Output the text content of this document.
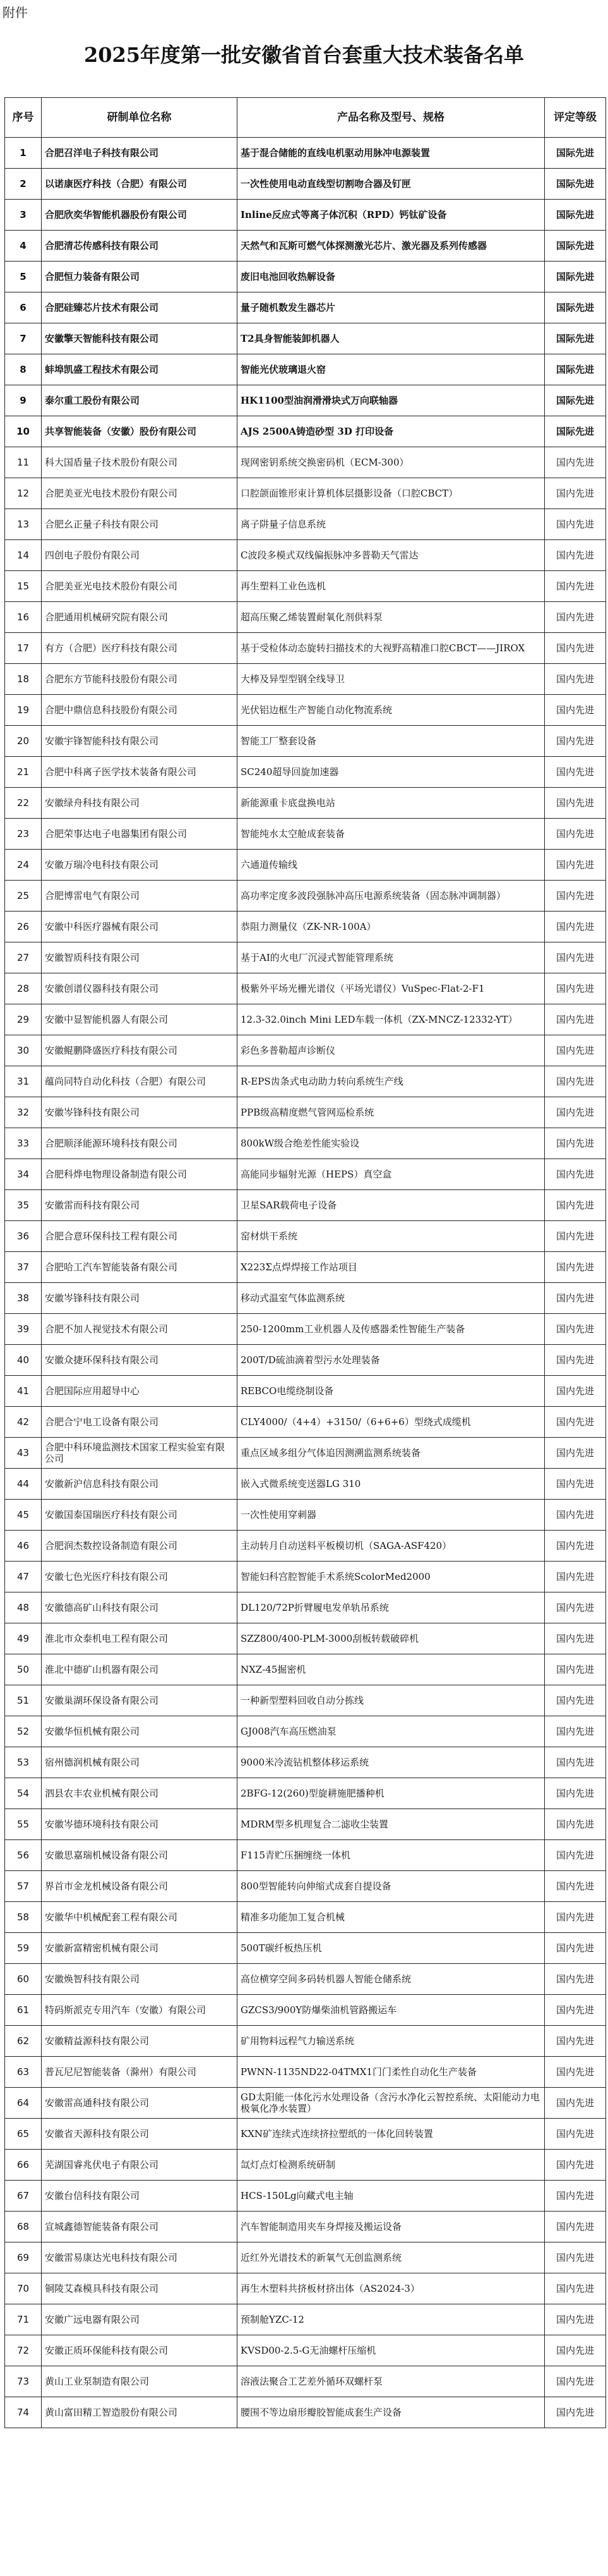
附件
2025年度第一批安徽省首台套重大技术装备名单
序号	研制单位名称	产品名称及型号、规格	评定等级
1	合肥召洋电子科技有限公司	基于混合储能的直线电机驱动用脉冲电源装置	国际先进
2	以诺康医疗科技（合肥）有限公司	一次性使用电动直线型切割吻合器及钉匣	国际先进
3	合肥欣奕华智能机器股份有限公司	Inline反应式等离子体沉积（RPD）钙钛矿设备	国际先进
4	合肥清芯传感科技有限公司	天然气和瓦斯可燃气体探测激光芯片、激光器及系列传感器	国际先进
5	合肥恒力装备有限公司	废旧电池回收热解设备	国际先进
6	合肥硅臻芯片技术有限公司	量子随机数发生器芯片	国际先进
7	安徽擎天智能科技有限公司	T2具身智能装卸机器人	国际先进
8	蚌埠凯盛工程技术有限公司	智能光伏玻璃退火窑	国际先进
9	泰尔重工股份有限公司	HK1100型油润滑滑块式万向联轴器	国际先进
10	共享智能装备（安徽）股份有限公司	AJS 2500A铸造砂型 3D 打印设备	国际先进
11	科大国盾量子技术股份有限公司	现网密钥系统交换密码机（ECM-300）	国内先进
12	合肥美亚光电技术股份有限公司	口腔颌面锥形束计算机体层摄影设备（口腔CBCT）	国内先进
13	合肥幺正量子科技有限公司	离子阱量子信息系统	国内先进
14	四创电子股份有限公司	C波段多模式双线偏振脉冲多普勒天气雷达	国内先进
15	合肥美亚光电技术股份有限公司	再生塑料工业色选机	国内先进
16	合肥通用机械研究院有限公司	超高压聚乙烯装置耐氧化剂供料泵	国内先进
17	有方（合肥）医疗科技有限公司	基于受检体动态旋转扫描技术的大视野高精准口腔CBCT——JIROX	国内先进
18	合肥东方节能科技股份有限公司	大棒及异型型钢全线导卫	国内先进
19	合肥中鼎信息科技股份有限公司	光伏铝边框生产智能自动化物流系统	国内先进
20	安徽宇锋智能科技有限公司	智能工厂整套设备	国内先进
21	合肥中科离子医学技术装备有限公司	SC240超导回旋加速器	国内先进
22	安徽绿舟科技有限公司	新能源重卡底盘换电站	国内先进
23	合肥荣事达电子电器集团有限公司	智能纯水太空舱成套装备	国内先进
24	安徽万瑞冷电科技有限公司	六通道传输线	国内先进
25	合肥博雷电气有限公司	高功率定度多波段强脉冲高压电源系统装备（固态脉冲调制器）	国内先进
26	安徽中科医疗器械有限公司	恭阻力测量仪（ZK-NR-100A）	国内先进
27	安徽智质科技有限公司	基于AI的火电厂沉浸式智能管理系统	国内先进
28	安徽创谱仪器科技有限公司	极紫外平场光栅光谱仪（平场光谱仪）VuSpec-Flat-2-F1	国内先进
29	安徽中显智能机器人有限公司	12.3-32.0inch Mini LED车载一体机（ZX-MNCZ-12332-YT）	国内先进
30	安徽鲲鹏降盛医疗科技有限公司	彩色多普勒超声诊断仪	国内先进
31	蕴尚同特自动化科技（合肥）有限公司	R-EPS齿条式电动助力转向系统生产线	国内先进
32	安徽岑锋科技有限公司	PPB级高精度燃气管网巡检系统	国内先进
33	合肥顺泽能源环境科技有限公司	800kW级合绝差性能实验设	国内先进
34	合肥科烨电物理设备制造有限公司	高能同步辐射光源（HEPS）真空盒	国内先进
35	安徽雷而科技有限公司	卫星SAR载荷电子设备	国内先进
36	合肥合意环保科技工程有限公司	窑材烘干系统	国内先进
37	合肥哈工汽车智能装备有限公司	X223Σ点焊焊接工作站项目	国内先进
38	安徽岑锋科技有限公司	移动式温室气体监测系统	国内先进
39	合肥不加人视觉技术有限公司	250-1200mm工业机器人及传感器柔性智能生产装备	国内先进
40	安徽众捷环保科技有限公司	200T/D硫油滴着型污水处理装备	国内先进
41	合肥国际应用超导中心	REBCO电缆绕制设备	国内先进
42	合肥合宁电工设备有限公司	CLY4000/（4+4）+3150/（6+6+6）型绕式成缆机	国内先进
43	合肥中科环境监测技术国家工程实验室有限公司	重点区域多组分气体追因测溯监测系统装备	国内先进
44	安徽新沪信息科技有限公司	嵌入式微系统变送器LG 310	国内先进
45	安徽国泰国瑞医疗科技有限公司	一次性使用穿刺器	国内先进
46	合肥润杰数控设备制造有限公司	主动转月自动送料平板模切机（SAGA-ASF420）	国内先进
47	安徽七色光医疗科技有限公司	智能妇科宫腔智能手术系统ScolorMed2000	国内先进
48	安徽德高矿山科技有限公司	DL120/72P折臂履电发单轨吊系统	国内先进
49	淮北市众泰机电工程有限公司	SZZ800/400-PLM-3000刮板转载破碎机	国内先进
50	淮北中德矿山机器有限公司	NXZ-45掘密机	国内先进
51	安徽巢湖环保设备有限公司	一种新型塑料回收自动分拣线	国内先进
52	安徽华恒机械有限公司	GJ008汽车高压燃油泵	国内先进
53	宿州德润机械有限公司	9000米冷流钻机整体移运系统	国内先进
54	泗县农丰农业机械有限公司	2BFG-12(260)型旋耕施肥播种机	国内先进
55	安徽岑德环境科技有限公司	MDRM型多机理复合二滤收尘装置	国内先进
56	安徽思嘉瑞机械设备有限公司	F115青贮压捆缠绕一体机	国内先进
57	界首市金龙机械设备有限公司	800型智能转向伸缩式成套自提设备	国内先进
58	安徽华中机械配套工程有限公司	精准多功能加工复合机械	国内先进
59	安徽新富精密机械有限公司	500T碳纤板热压机	国内先进
60	安徽焕智科技有限公司	高位横穿空间多码转机器人智能仓储系统	国内先进
61	特码斯派克专用汽车（安徽）有限公司	GZCS3/900Y防爆柴油机管路搬运车	国内先进
62	安徽精益源科技有限公司	矿用物料远程气力输送系统	国内先进
63	普瓦尼尼智能装备（滁州）有限公司	PWNN-1135ND22-04TMX1门门柔性自动化生产装备	国内先进
64	安徽雷高通科技有限公司	GD太阳能一体化污水处理设备（含污水净化云智控系统、太阳能动力电极氧化净水装置）	国内先进
65	安徽省天源科技有限公司	KXN矿连续式连续挤拉塑纸的一体化回转装置	国内先进
66	芜湖国睿兆伏电子有限公司	氙灯点灯检测系统研制	国内先进
67	安徽台信科技有限公司	HCS-150Lg向藏式电主轴	国内先进
68	宣城鑫德智能装备有限公司	汽车智能制造用夹车身焊接及搬运设备	国内先进
69	安徽雷易康达光电科技有限公司	近红外光谱技术的新氧气无创监测系统	国内先进
70	铜陵艾森模具科技有限公司	再生木塑料共挤板材挤出体（AS2024-3）	国内先进
71	安徽广远电器有限公司	预制舱YZC-12	国内先进
72	安徽正质环保能科技有限公司	KVSD00-2.5-G无油螺杆压缩机	国内先进
73	黄山工业泵制造有限公司	溶液法聚合工艺差外循环双螺杆泵	国内先进
74	黄山富田精工智造股份有限公司	腰围不等边扇形瓣胶智能成套生产设备	国内先进
